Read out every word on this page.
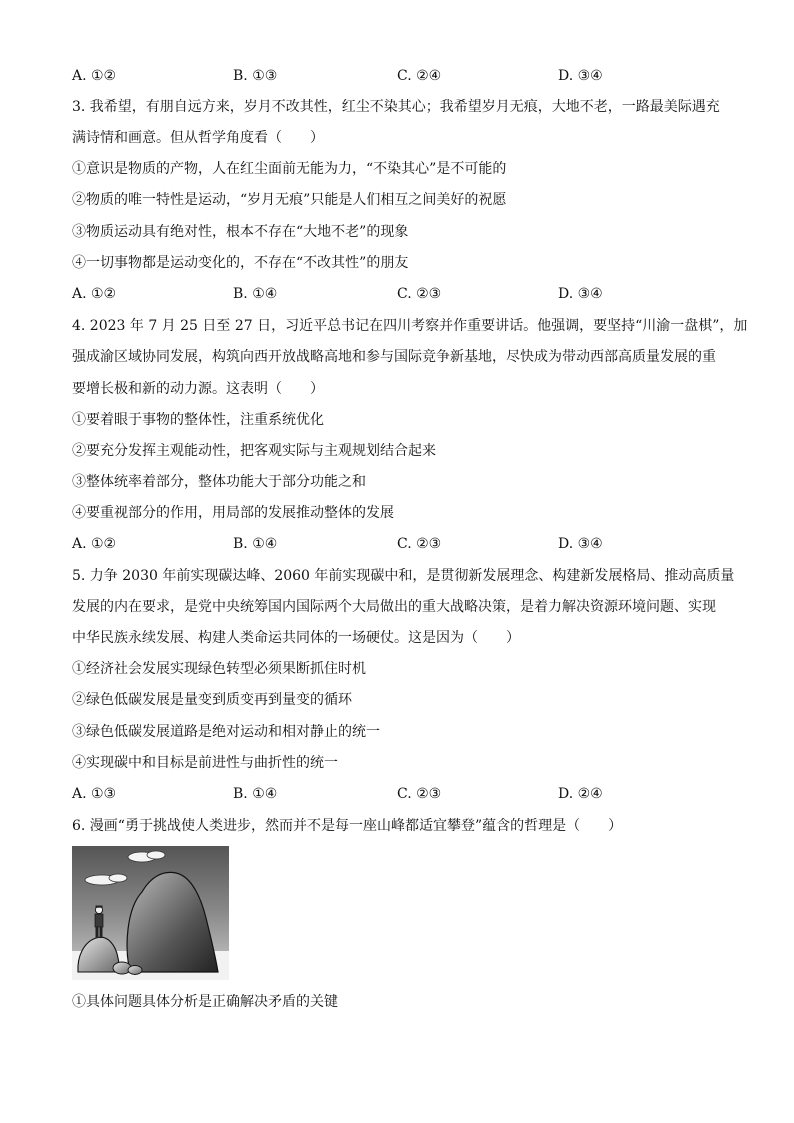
A. ①②	B. ①③	C. ②④	D. ③④
3. 我希望，有朋自远方来，岁月不改其性，红尘不染其心；我希望岁月无痕，大地不老，一路最美际遇充
满诗情和画意。但从哲学角度看（　　）
①意识是物质的产物，人在红尘面前无能为力，“不染其心”是不可能的
②物质的唯一特性是运动，“岁月无痕”只能是人们相互之间美好的祝愿
③物质运动具有绝对性，根本不存在“大地不老”的现象
④一切事物都是运动变化的，不存在“不改其性”的朋友
A. ①②	B. ①④	C. ②③	D. ③④
4. 2023 年 7 月 25 日至 27 日，习近平总书记在四川考察并作重要讲话。他强调，要坚持“川渝一盘棋”，加
强成渝区域协同发展，构筑向西开放战略高地和参与国际竞争新基地，尽快成为带动西部高质量发展的重
要增长极和新的动力源。这表明（　　）
①要着眼于事物的整体性，注重系统优化
②要充分发挥主观能动性，把客观实际与主观规划结合起来
③整体统率着部分，整体功能大于部分功能之和
④要重视部分的作用，用局部的发展推动整体的发展
A. ①②	B. ①④	C. ②③	D. ③④
5. 力争 2030 年前实现碳达峰、2060 年前实现碳中和，是贯彻新发展理念、构建新发展格局、推动高质量
发展的内在要求，是党中央统筹国内国际两个大局做出的重大战略决策，是着力解决资源环境问题、实现
中华民族永续发展、构建人类命运共同体的一场硬仗。这是因为（　　）
①经济社会发展实现绿色转型必须果断抓住时机
②绿色低碳发展是量变到质变再到量变的循环
③绿色低碳发展道路是绝对运动和相对静止的统一
④实现碳中和目标是前进性与曲折性的统一
A. ①③	B. ①④	C. ②③	D. ②④
6. 漫画“勇于挑战使人类进步，然而并不是每一座山峰都适宜攀登”蕴含的哲理是（　　）
①具体问题具体分析是正确解决矛盾的关键
